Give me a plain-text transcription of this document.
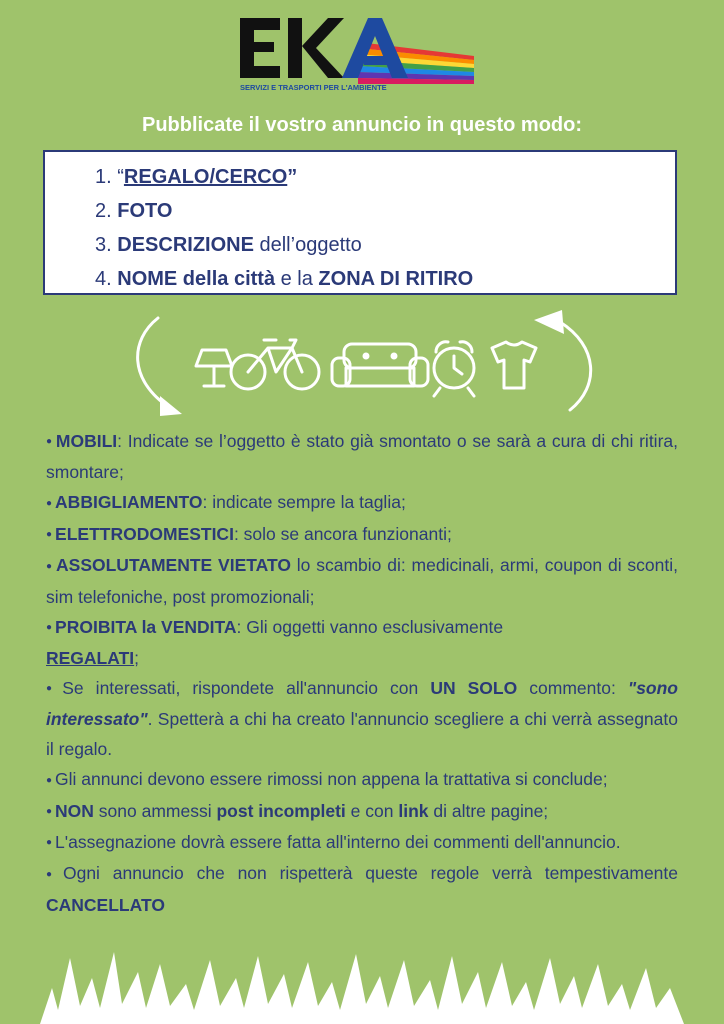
SERVIZI E TRASPORTI PER L'AMBIENTE
Pubblicate il vostro annuncio in questo modo:
1. “REGALO/CERCO”
2. FOTO
3. DESCRIZIONE dell’oggetto
4. NOME della città e la ZONA DI RITIRO
● MOBILI: Indicate se l’oggetto è stato già smontato o se sarà a cura di chi ritira, smontare;
● ABBIGLIAMENTO: indicate sempre la taglia;
● ELETTRODOMESTICI: solo se ancora funzionanti;
● ASSOLUTAMENTE VIETATO lo scambio di: medicinali, armi, coupon di sconti, sim telefoniche, post promozionali;
● PROIBITA la VENDITA: Gli oggetti vanno esclusivamente
REGALATI;
● Se interessati, rispondete all'annuncio con UN SOLO commento: "sono interessato". Spetterà a chi ha creato l'annuncio scegliere a chi verrà assegnato il regalo.
● Gli annunci devono essere rimossi non appena la trattativa si conclude;
● NON sono ammessi post incompleti e con link di altre pagine;
● L'assegnazione dovrà essere fatta all'interno dei commenti dell'annuncio.
● Ogni annuncio che non rispetterà queste regole verrà tempestivamente CANCELLATO
